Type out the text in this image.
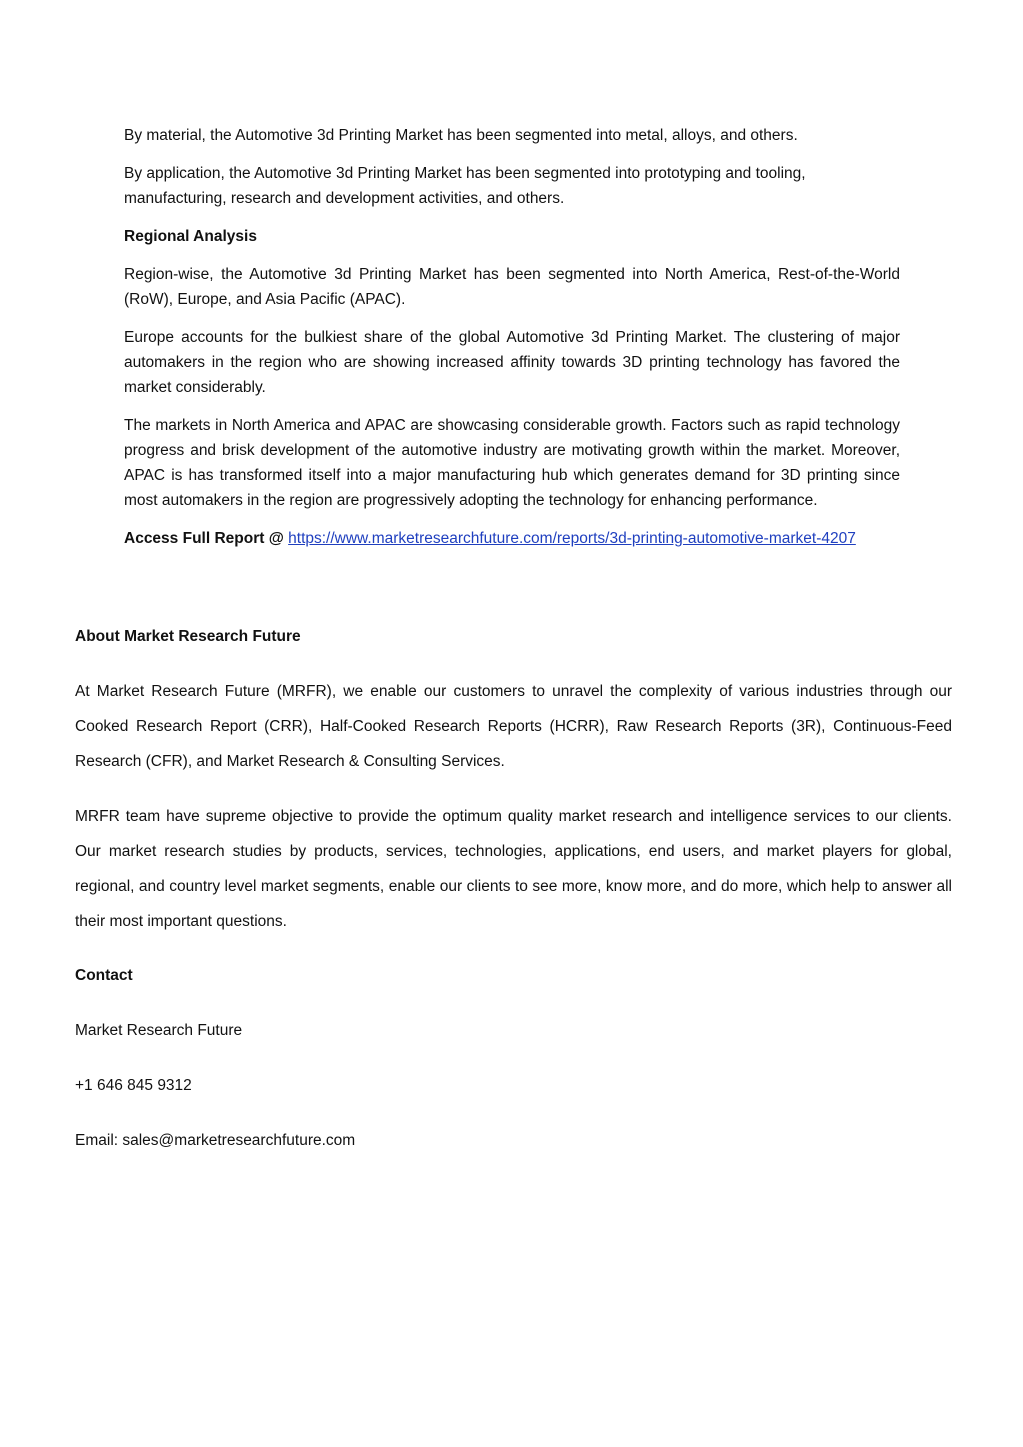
By material, the Automotive 3d Printing Market has been segmented into metal, alloys, and others.

By application, the Automotive 3d Printing Market has been segmented into prototyping and tooling, manufacturing, research and development activities, and others.

Regional Analysis

Region-wise, the Automotive 3d Printing Market has been segmented into North America, Rest-of-the-World (RoW), Europe, and Asia Pacific (APAC).

Europe accounts for the bulkiest share of the global Automotive 3d Printing Market. The clustering of major automakers in the region who are showing increased affinity towards 3D printing technology has favored the market considerably.

The markets in North America and APAC are showcasing considerable growth. Factors such as rapid technology progress and brisk development of the automotive industry are motivating growth within the market. Moreover, APAC is has transformed itself into a major manufacturing hub which generates demand for 3D printing since most automakers in the region are progressively adopting the technology for enhancing performance.

Access Full Report @ https://www.marketresearchfuture.com/reports/3d-printing-automotive-market-4207

About Market Research Future

At Market Research Future (MRFR), we enable our customers to unravel the complexity of various industries through our Cooked Research Report (CRR), Half-Cooked Research Reports (HCRR), Raw Research Reports (3R), Continuous-Feed Research (CFR), and Market Research & Consulting Services.

MRFR team have supreme objective to provide the optimum quality market research and intelligence services to our clients. Our market research studies by products, services, technologies, applications, end users, and market players for global, regional, and country level market segments, enable our clients to see more, know more, and do more, which help to answer all their most important questions.

Contact

Market Research Future

+1 646 845 9312

Email: sales@marketresearchfuture.com
